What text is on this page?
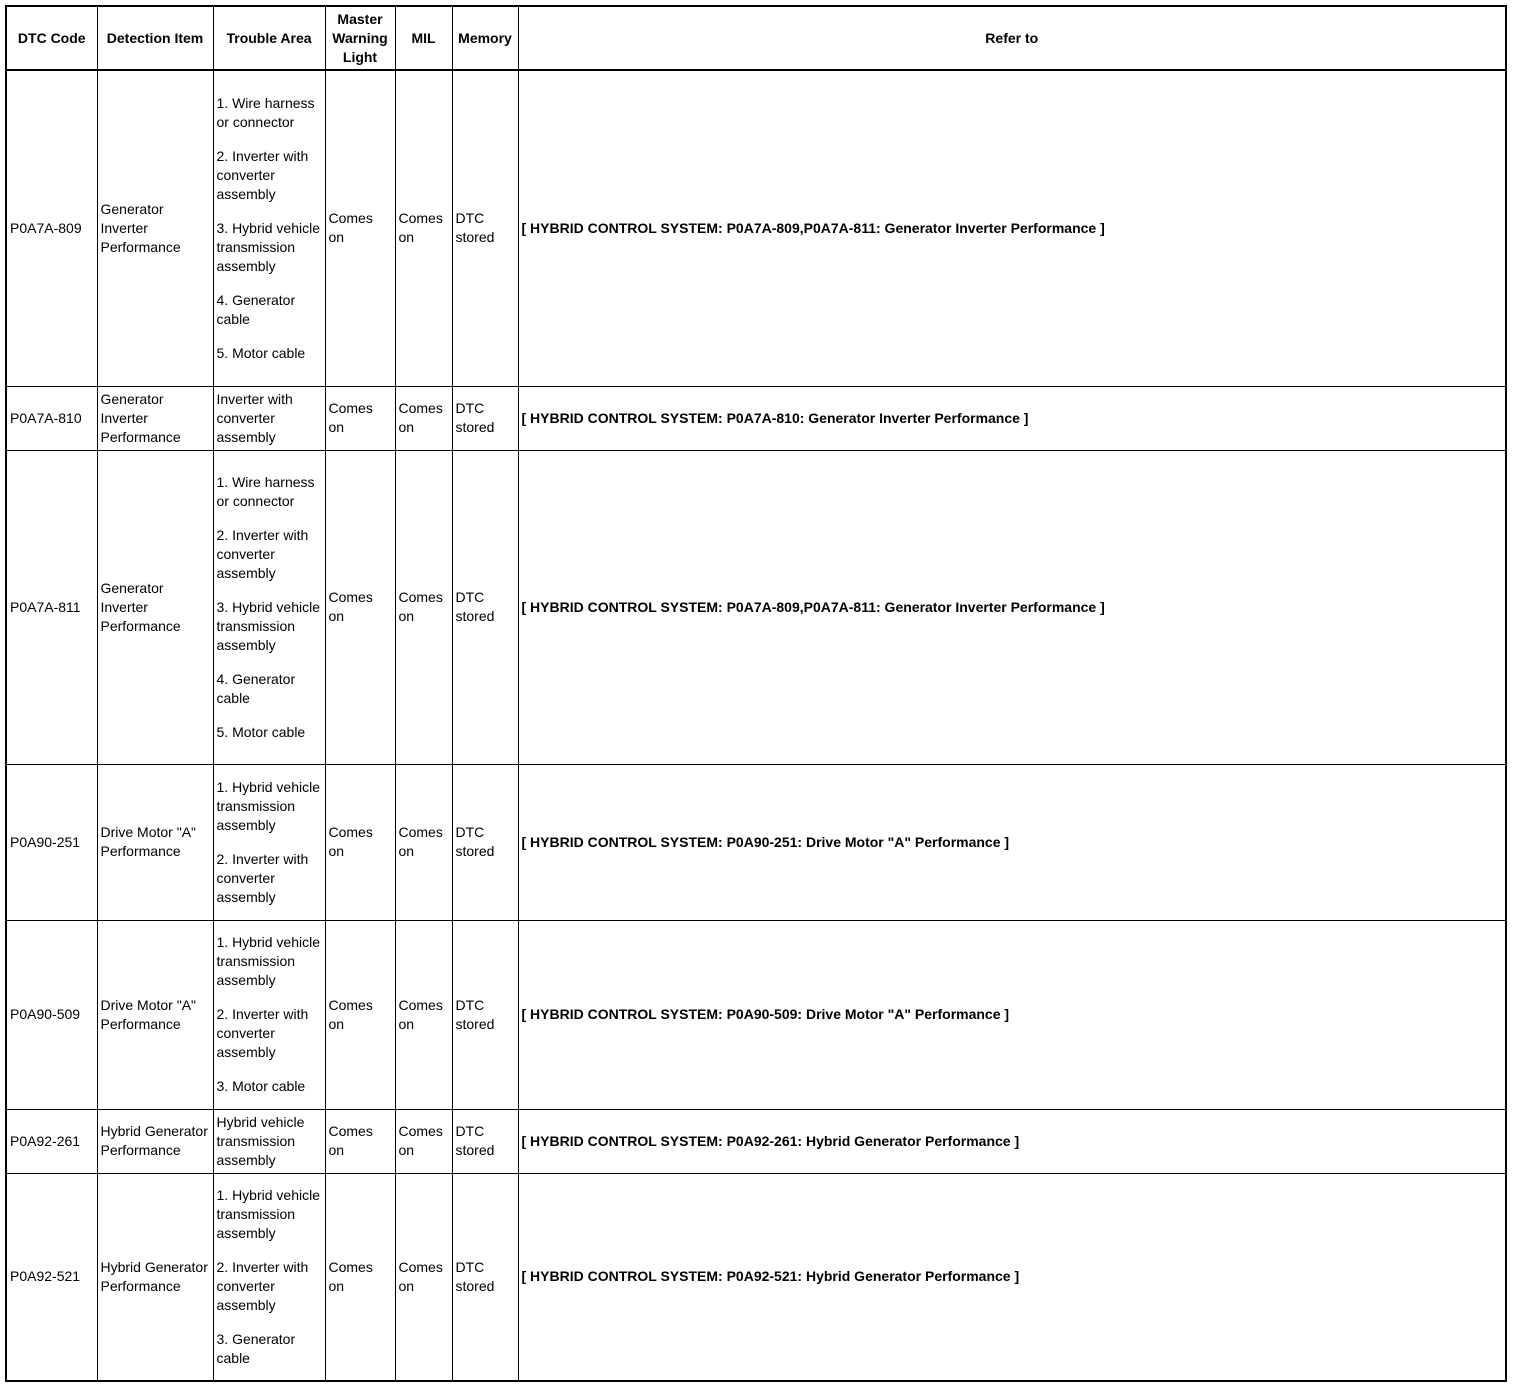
DTC Code	Detection Item	Trouble Area	Master Warning Light	MIL	Memory	Refer to
P0A7A-809	Generator Inverter Performance	1. Wire harness or connector
2. Inverter with converter assembly
3. Hybrid vehicle transmission assembly
4. Generator cable
5. Motor cable	Comes on	Comes on	DTC stored	[ HYBRID CONTROL SYSTEM: P0A7A-809,P0A7A-811: Generator Inverter Performance ]
P0A7A-810	Generator Inverter Performance	Inverter with converter assembly	Comes on	Comes on	DTC stored	[ HYBRID CONTROL SYSTEM: P0A7A-810: Generator Inverter Performance ]
P0A7A-811	Generator Inverter Performance	1. Wire harness or connector
2. Inverter with converter assembly
3. Hybrid vehicle transmission assembly
4. Generator cable
5. Motor cable	Comes on	Comes on	DTC stored	[ HYBRID CONTROL SYSTEM: P0A7A-809,P0A7A-811: Generator Inverter Performance ]
P0A90-251	Drive Motor "A" Performance	1. Hybrid vehicle transmission assembly
2. Inverter with converter assembly	Comes on	Comes on	DTC stored	[ HYBRID CONTROL SYSTEM: P0A90-251: Drive Motor "A" Performance ]
P0A90-509	Drive Motor "A" Performance	1. Hybrid vehicle transmission assembly
2. Inverter with converter assembly
3. Motor cable	Comes on	Comes on	DTC stored	[ HYBRID CONTROL SYSTEM: P0A90-509: Drive Motor "A" Performance ]
P0A92-261	Hybrid Generator Performance	Hybrid vehicle transmission assembly	Comes on	Comes on	DTC stored	[ HYBRID CONTROL SYSTEM: P0A92-261: Hybrid Generator Performance ]
P0A92-521	Hybrid Generator Performance	1. Hybrid vehicle transmission assembly
2. Inverter with converter assembly
3. Generator cable	Comes on	Comes on	DTC stored	[ HYBRID CONTROL SYSTEM: P0A92-521: Hybrid Generator Performance ]
